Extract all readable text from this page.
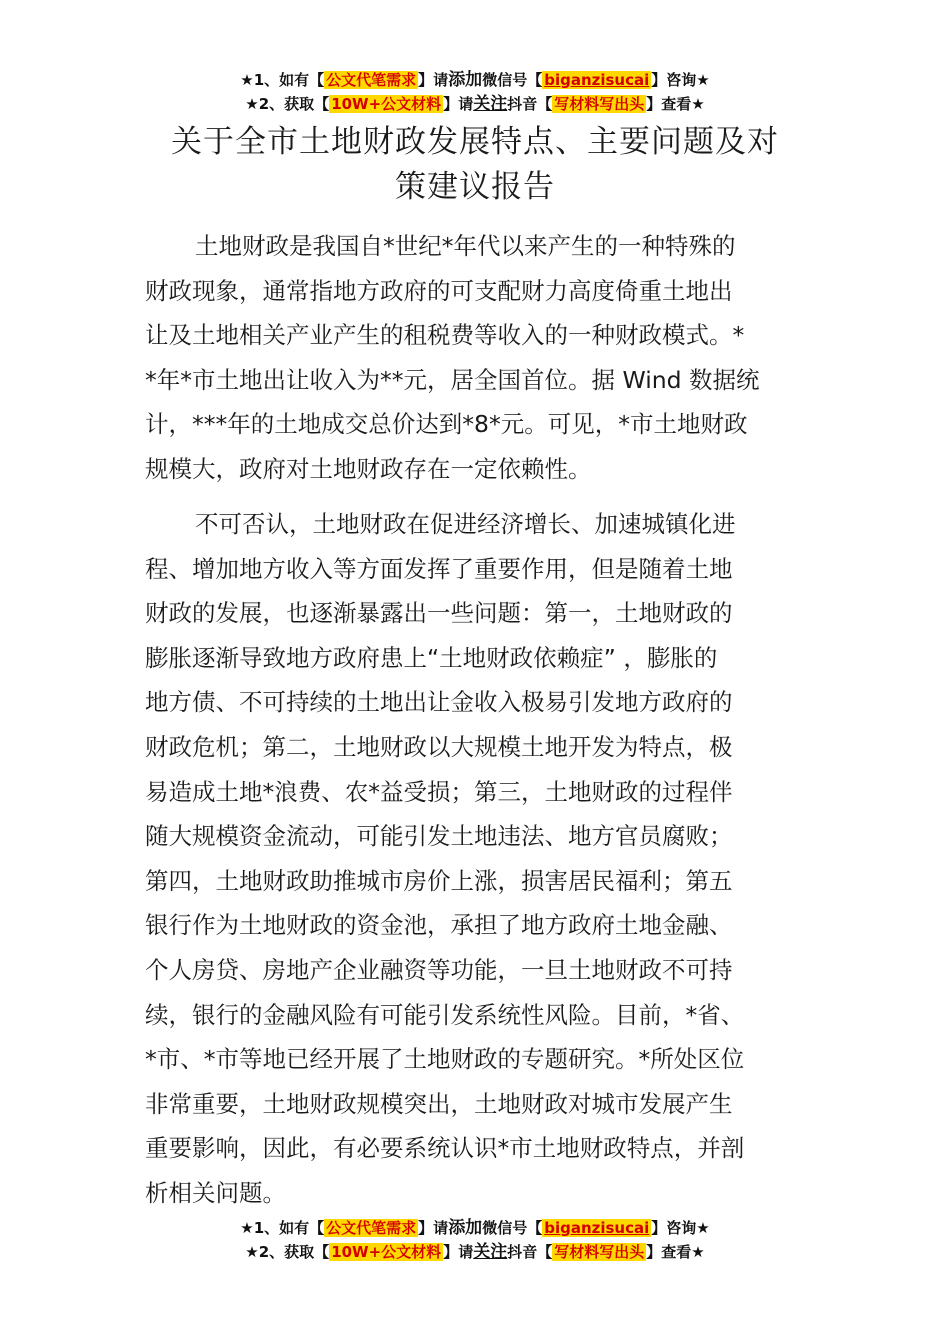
★1、如有【 公文代笔需求 】请添加微信号【 biganzisucai 】咨询★
★2、获取【 10W+公文材料 】请关注抖音【 写材料写出头 】查看★
关于全市土地财政发展特点、主要问题及对
策建议报告
土地财政是我国自*世纪*年代以来产生的一种特殊的
财政现象，通常指地方政府的可支配财力高度倚重土地出
让及土地相关产业产生的租税费等收入的一种财政模式。*
*年*市土地出让收入为**元，居全国首位。据 Wind 数据统
计，***年的土地成交总价达到*8*元。可见，*市土地财政
规模大，政府对土地财政存在一定依赖性。
不可否认，土地财政在促进经济增长、加速城镇化进
程、增加地方收入等方面发挥了重要作用，但是随着土地
财政的发展，也逐渐暴露出一些问题：第一，土地财政的
膨胀逐渐导致地方政府患上“土地财政依赖症” ，膨胀的
地方债、不可持续的土地出让金收入极易引发地方政府的
财政危机；第二，土地财政以大规模土地开发为特点，极
易造成土地*浪费、农*益受损；第三，土地财政的过程伴
随大规模资金流动，可能引发土地违法、地方官员腐败；
第四，土地财政助推城市房价上涨，损害居民福利；第五
银行作为土地财政的资金池，承担了地方政府土地金融、
个人房贷、房地产企业融资等功能，一旦土地财政不可持
续，银行的金融风险有可能引发系统性风险。目前，*省、
*市、*市等地已经开展了土地财政的专题研究。*所处区位
非常重要，土地财政规模突出，土地财政对城市发展产生
重要影响，因此，有必要系统认识*市土地财政特点，并剖
析相关问题。
★1、如有【 公文代笔需求 】请添加微信号【 biganzisucai 】咨询★
★2、获取【 10W+公文材料 】请关注抖音【 写材料写出头 】查看★
